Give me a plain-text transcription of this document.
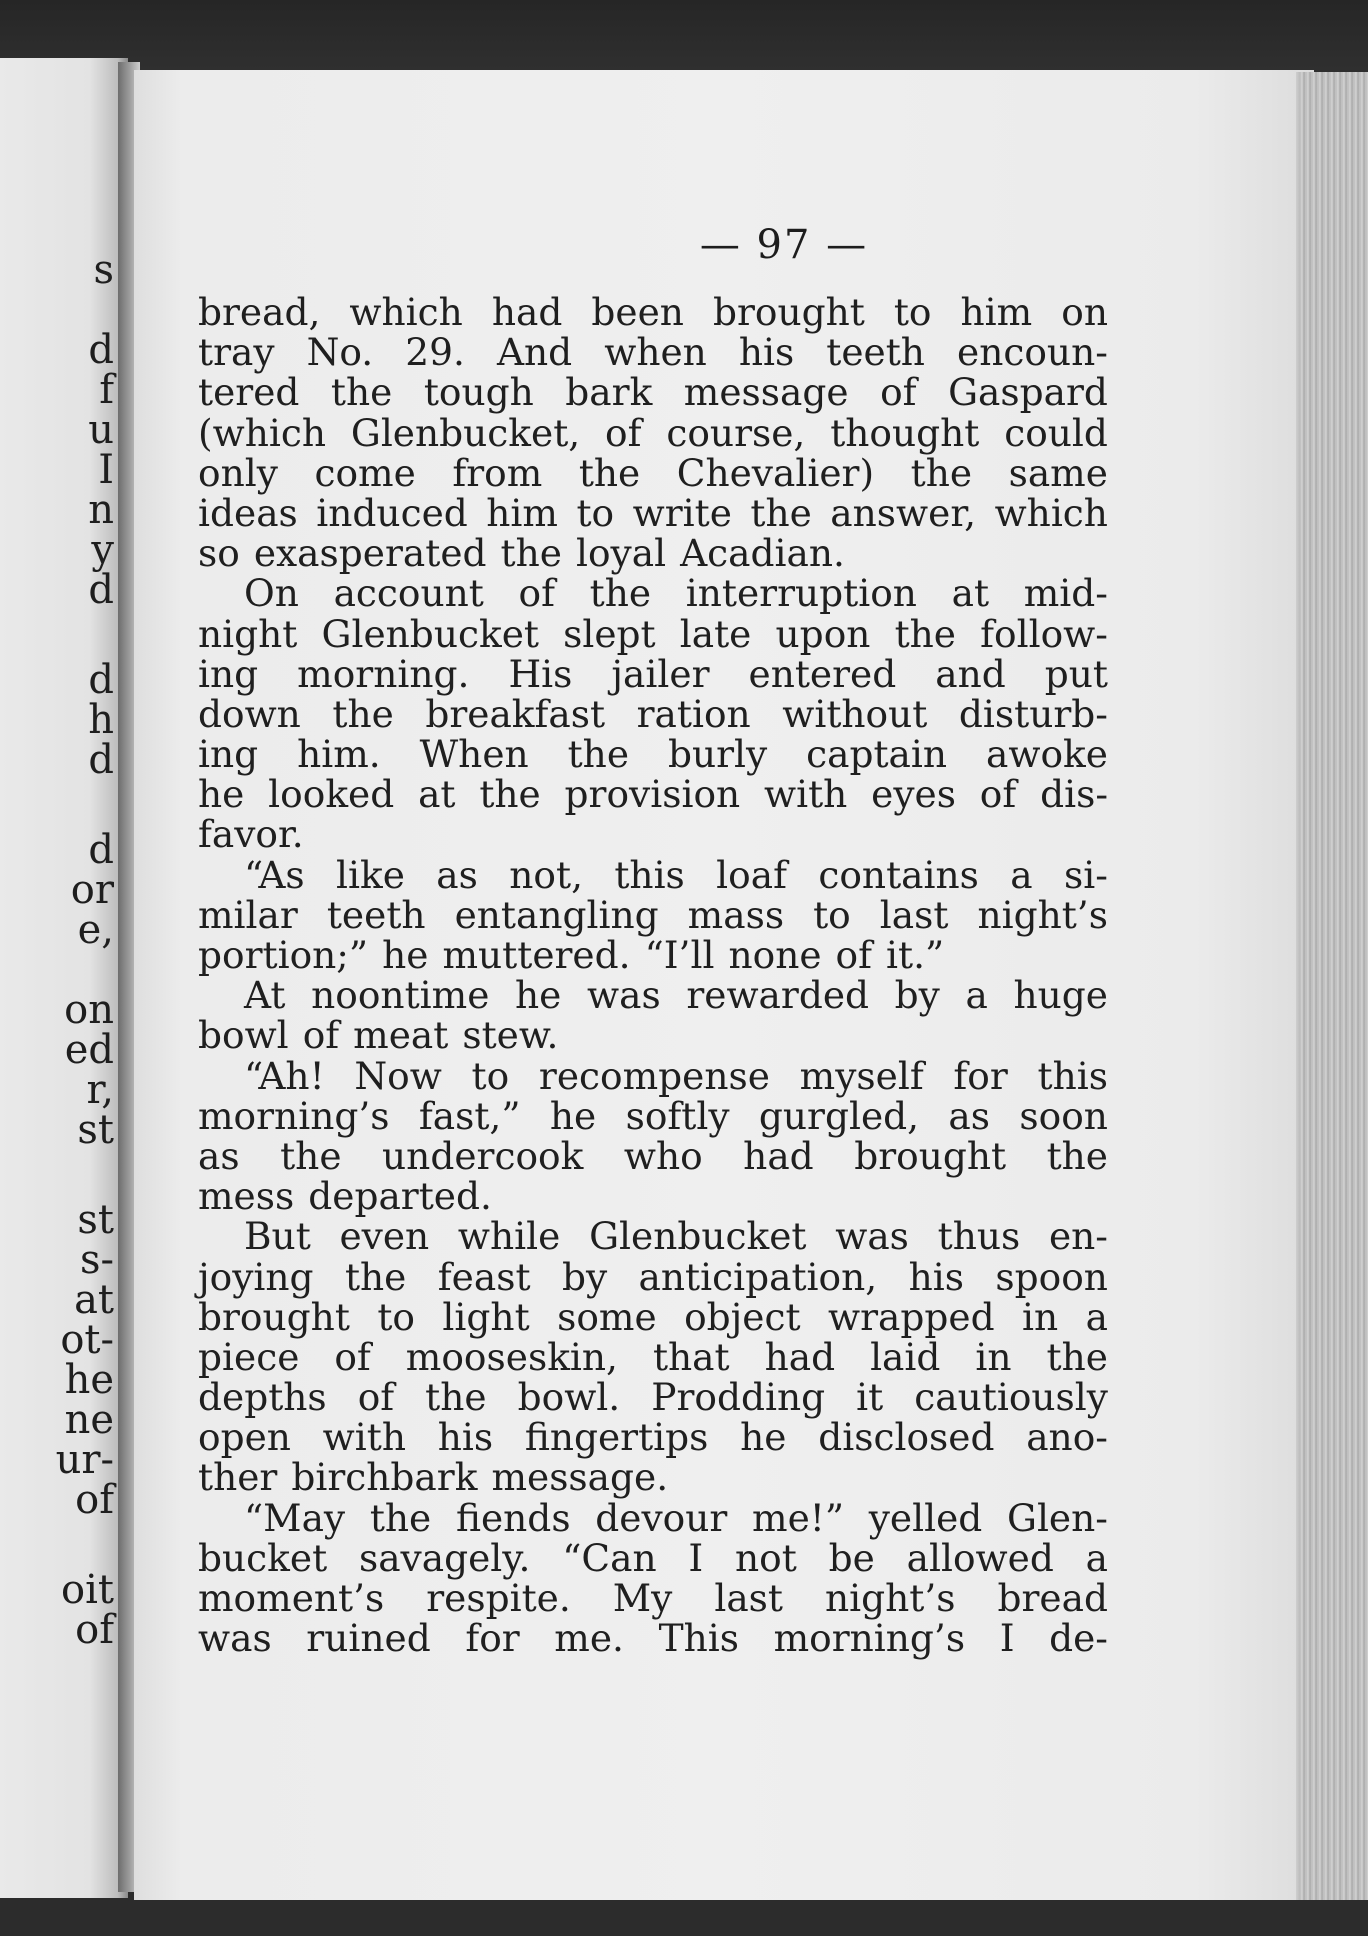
s
d
f
u
I
n
y
d
d
h
d
d
or
e,
on
ed
r,
st
st
s-
at
ot-
he
ne
ur-
of
oit
of
— 97 —
bread, which had been brought to him on
tray No. 29. And when his teeth encoun-
tered the tough bark message of Gaspard
(which Glenbucket, of course, thought could
only come from the Chevalier) the same
ideas induced him to write the answer, which
so exasperated the loyal Acadian.
On account of the interruption at mid-
night Glenbucket slept late upon the follow-
ing morning. His jailer entered and put
down the breakfast ration without disturb-
ing him. When the burly captain awoke
he looked at the provision with eyes of dis-
favor.
“As like as not, this loaf contains a si-
milar teeth entangling mass to last night’s
portion;” he muttered. “I’ll none of it.”
At noontime he was rewarded by a huge
bowl of meat stew.
“Ah! Now to recompense myself for this
morning’s fast,” he softly gurgled, as soon
as the undercook who had brought the
mess departed.
But even while Glenbucket was thus en-
joying the feast by anticipation, his spoon
brought to light some object wrapped in a
piece of mooseskin, that had laid in the
depths of the bowl. Prodding it cautiously
open with his fingertips he disclosed ano-
ther birchbark message.
“May the fiends devour me!” yelled Glen-
bucket savagely. “Can I not be allowed a
moment’s respite. My last night’s bread
was ruined for me. This morning’s I de-
